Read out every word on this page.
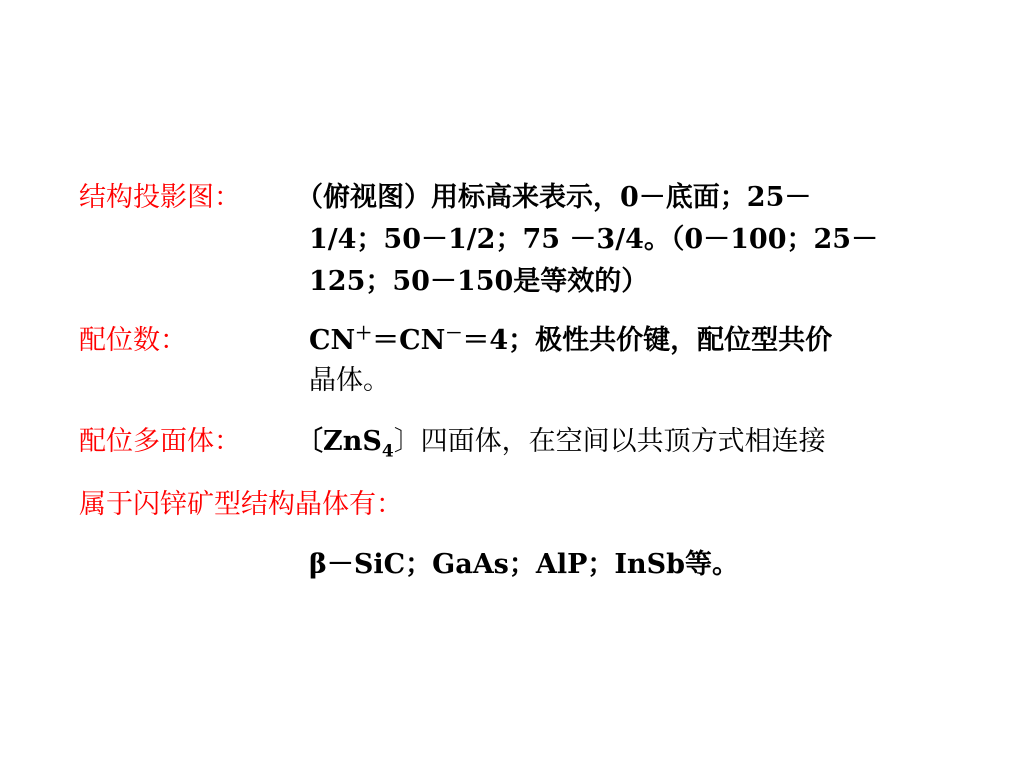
结构投影图： （俯视图）用标高来表示，0－底面；25－
1/4；50－1/2；75 －3/4。（0－100；25－
125；50－150是等效的）
配位数：	CN＋＝CN－＝4；极性共价键，配位型共价
晶体。
配位多面体： 〔ZnS$_4$〕四面体，在空间以共顶方式相连接
属于闪锌矿型结构晶体有：
β－SiC；GaAs；AlP；InSb等。
